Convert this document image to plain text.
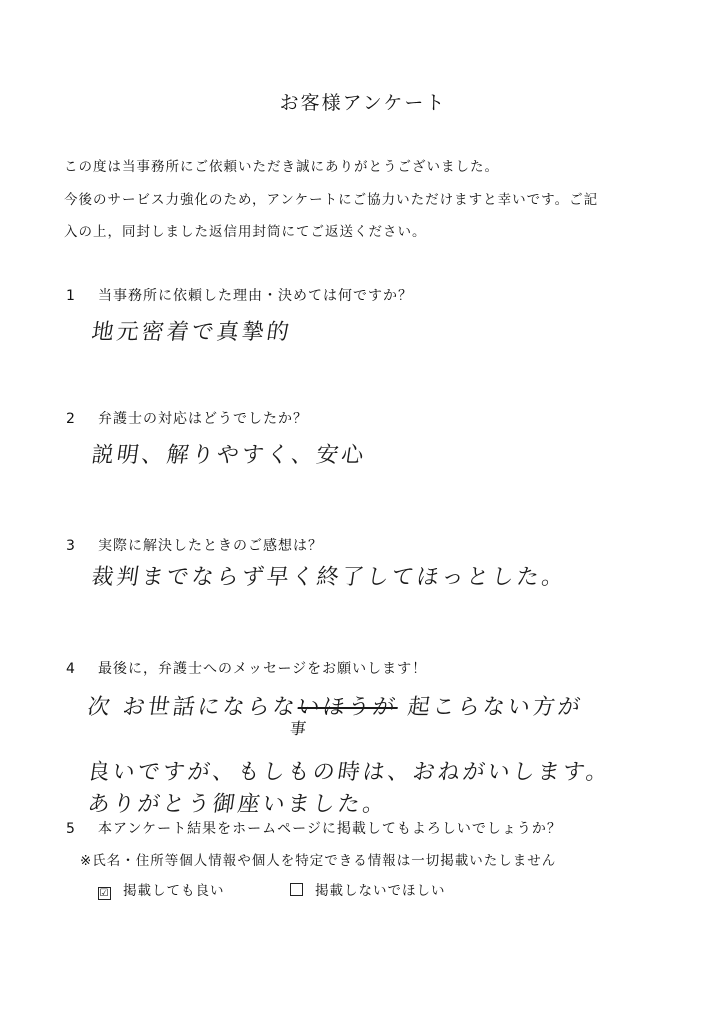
お客様アンケート
この度は当事務所にご依頼いただき誠にありがとうございました。
今後のサービス力強化のため，アンケートにご協力いただけますと幸いです。ご記
入の上，同封しました返信用封筒にてご返送ください。
1 当事務所に依頼した理由・決めては何ですか？
地元密着で真摯的
2 弁護士の対応はどうでしたか？
説明、解りやすく、安心
3 実際に解決したときのご感想は？
裁判までならず早く終了してほっとした。
4 最後に，弁護士へのメッセージをお願いします！
次 お世話にならないほうが 起こらない方が
事
良いですが、もしもの時は、おねがいします。
ありがとう御座いました。
5 本アンケート結果をホームページに掲載してもよろしいでしょうか？
※氏名・住所等個人情報や個人を特定できる情報は一切掲載いたしません
☑ 掲載しても良い	掲載しないでほしい
